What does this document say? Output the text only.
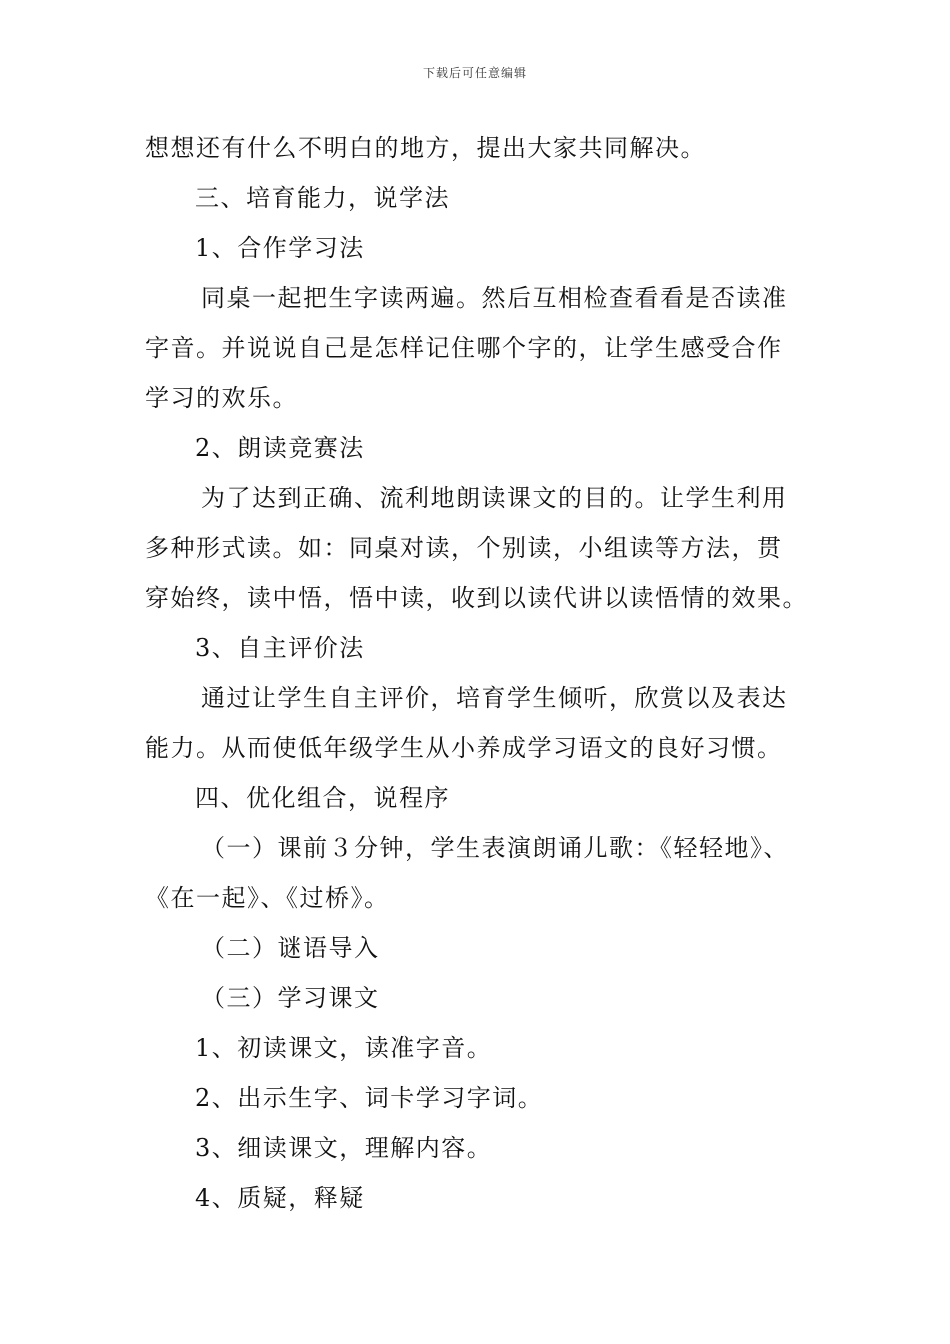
下载后可任意编辑
想想还有什么不明白的地方，提出大家共同解决。
三、培育能力，说学法
1、合作学习法
同桌一起把生字读两遍。然后互相检查看看是否读准
字音。并说说自己是怎样记住哪个字的，让学生感受合作
学习的欢乐。
2、朗读竞赛法
为了达到正确、流利地朗读课文的目的。让学生利用
多种形式读。如：同桌对读，个别读，小组读等方法，贯
穿始终，读中悟，悟中读，收到以读代讲以读悟情的效果。
3、自主评价法
通过让学生自主评价，培育学生倾听，欣赏以及表达
能力。从而使低年级学生从小养成学习语文的良好习惯。
四、优化组合，说程序
（一）课前３分钟，学生表演朗诵儿歌：《轻轻地》、
《在一起》、《过桥》。
（二）谜语导入
（三）学习课文
1、初读课文，读准字音。
2、出示生字、词卡学习字词。
3、细读课文，理解内容。
4、质疑，释疑
